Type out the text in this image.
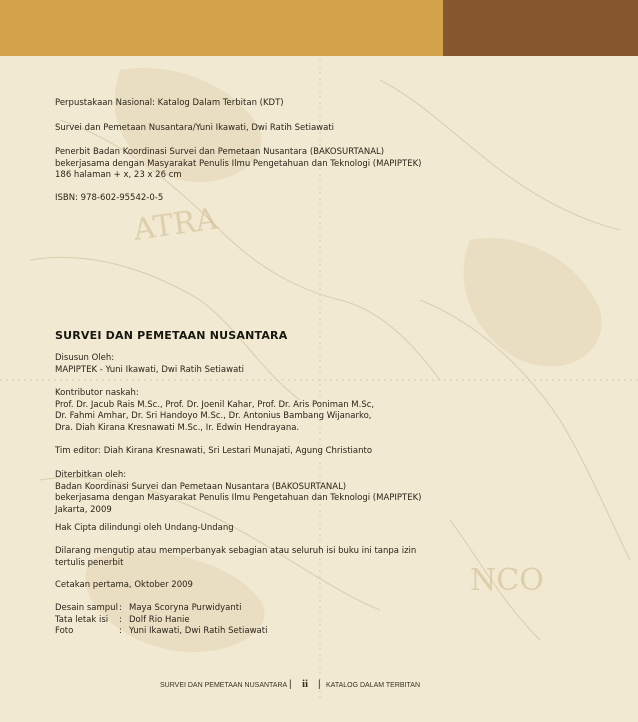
ATRA
NCO
Perpustakaan Nasional: Katalog Dalam Terbitan (KDT)
Survei dan Pemetaan Nusantara/Yuni Ikawati, Dwi Ratih Setiawati
Penerbit Badan Koordinasi Survei dan Pemetaan Nusantara (BAKOSURTANAL)
bekerjasama dengan Masyarakat Penulis Ilmu Pengetahuan dan Teknologi (MAPIPTEK)
186 halaman + x, 23 x 26 cm
ISBN: 978-602-95542-0-5
SURVEI DAN PEMETAAN NUSANTARA
Disusun Oleh:
MAPIPTEK - Yuni Ikawati, Dwi Ratih Setiawati
Kontributor naskah:
Prof. Dr. Jacub Rais M.Sc., Prof. Dr. Joenil Kahar, Prof. Dr. Aris Poniman M.Sc,
Dr. Fahmi Amhar, Dr. Sri Handoyo M.Sc., Dr. Antonius Bambang Wijanarko,
Dra. Diah Kirana Kresnawati M.Sc., Ir. Edwin Hendrayana.
Tim editor: Diah Kirana Kresnawati, Sri Lestari Munajati, Agung Christianto
Diterbitkan oleh:
Badan Koordinasi Survei dan Pemetaan Nusantara (BAKOSURTANAL)
bekerjasama dengan Masyarakat Penulis Ilmu Pengetahuan dan Teknologi (MAPIPTEK)
Jakarta, 2009
Hak Cipta dilindungi oleh Undang-Undang
Dilarang mengutip atau memperbanyak sebagian atau seluruh isi buku ini tanpa izin
tertulis penerbit
Cetakan pertama, Oktober 2009
Desain sampul : Maya Scoryna Purwidyanti
Tata letak isi	: Dolf Rio Hanie
Foto	: Yuni Ikawati, Dwi Ratih Setiawati
SURVEI DAN PEMETAAN NUSANTARA | ii | KATALOG DALAM TERBITAN
